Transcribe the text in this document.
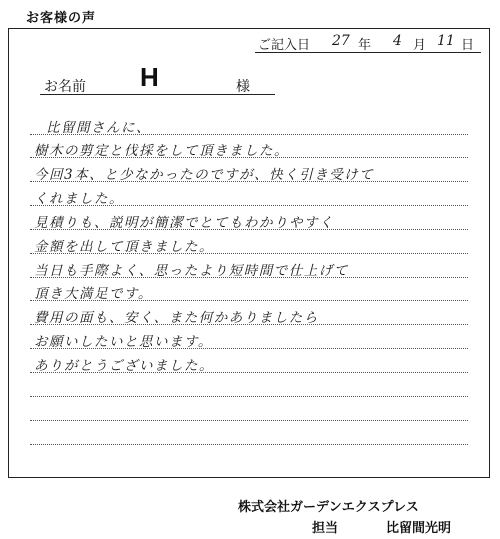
お客様の声
ご記入日 27 年 4 月 11 日
お名前 H	様
比留間さんに、
樹木の剪定と伐採をして頂きました。
今回3本、と少なかったのですが、快く引き受けて
くれました。
見積りも、説明が簡潔でとてもわかりやすく
金額を出して頂きました。
当日も手際よく、思ったより短時間で仕上げて
頂き大満足です。
費用の面も、安く、また何かありましたら
お願いしたいと思います。
ありがとうございました。
株式会社ガーデンエクスプレス
担当	比留間光明
